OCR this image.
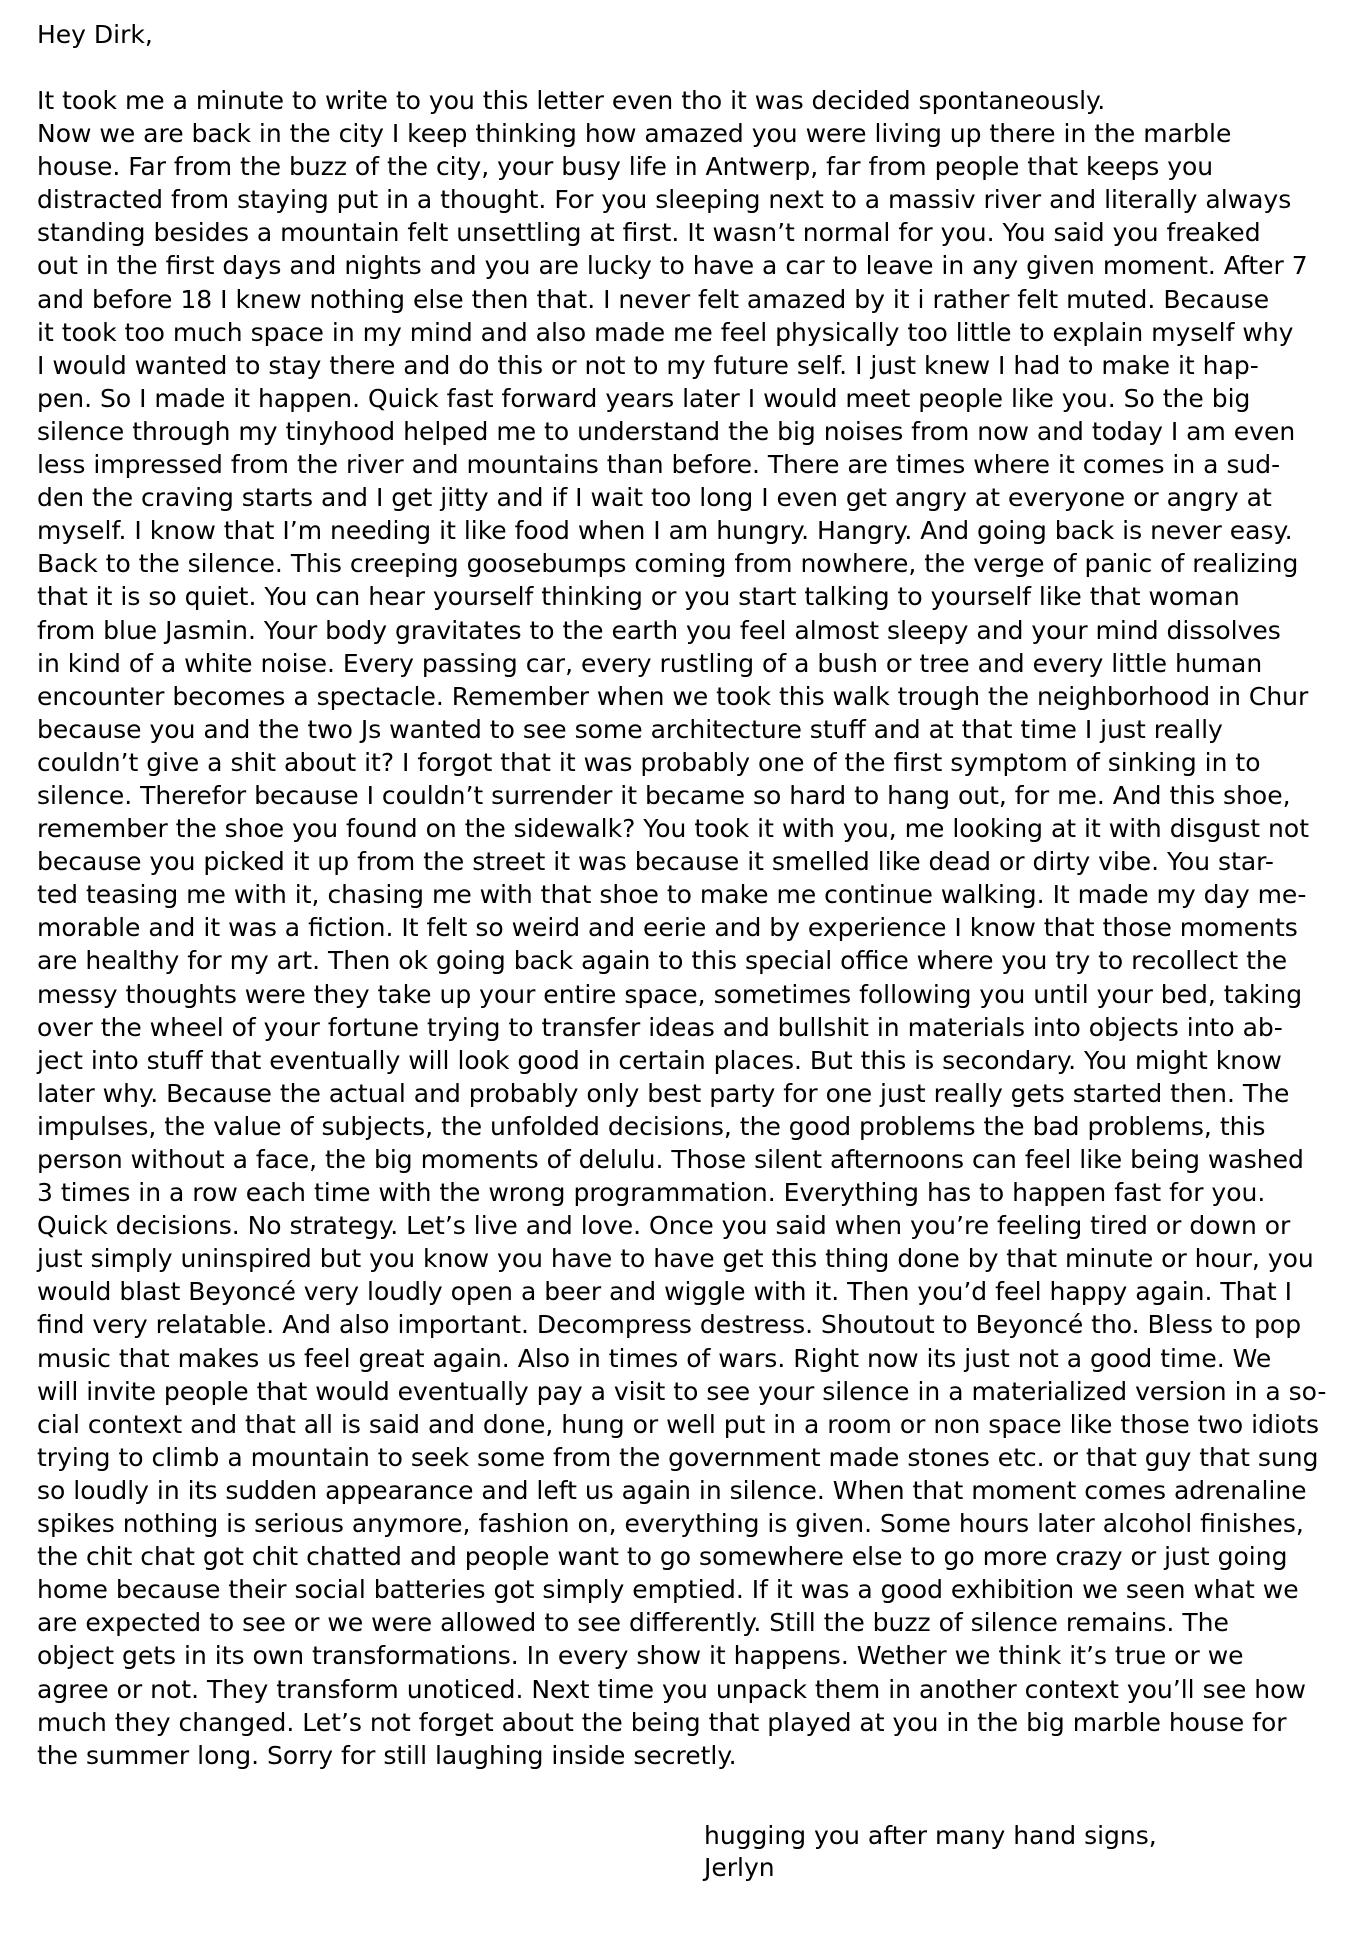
Hey Dirk,
It took me a minute to write to you this letter even tho it was decided spontaneously.
Now we are back in the city I keep thinking how amazed you were living up there in the marble
house. Far from the buzz of the city, your busy life in Antwerp, far from people that keeps you
distracted from staying put in a thought. For you sleeping next to a massiv river and literally always
standing besides a mountain felt unsettling at first. It wasn’t normal for you. You said you freaked
out in the first days and nights and you are lucky to have a car to leave in any given moment. After 7
and before 18 I knew nothing else then that. I never felt amazed by it i rather felt muted. Because
it took too much space in my mind and also made me feel physically too little to explain myself why
I would wanted to stay there and do this or not to my future self. I just knew I had to make it hap-
pen. So I made it happen. Quick fast forward years later I would meet people like you. So the big
silence through my tinyhood helped me to understand the big noises from now and today I am even
less impressed from the river and mountains than before. There are times where it comes in a sud-
den the craving starts and I get jitty and if I wait too long I even get angry at everyone or angry at
myself. I know that I’m needing it like food when I am hungry. Hangry. And going back is never easy.
Back to the silence. This creeping goosebumps coming from nowhere, the verge of panic of realizing
that it is so quiet. You can hear yourself thinking or you start talking to yourself like that woman
from blue Jasmin. Your body gravitates to the earth you feel almost sleepy and your mind dissolves
in kind of a white noise. Every passing car, every rustling of a bush or tree and every little human
encounter becomes a spectacle. Remember when we took this walk trough the neighborhood in Chur
because you and the two Js wanted to see some architecture stuff and at that time I just really
couldn’t give a shit about it? I forgot that it was probably one of the first symptom of sinking in to
silence. Therefor because I couldn’t surrender it became so hard to hang out, for me. And this shoe,
remember the shoe you found on the sidewalk? You took it with you, me looking at it with disgust not
because you picked it up from the street it was because it smelled like dead or dirty vibe. You star-
ted teasing me with it, chasing me with that shoe to make me continue walking. It made my day me-
morable and it was a fiction. It felt so weird and eerie and by experience I know that those moments
are healthy for my art. Then ok going back again to this special office where you try to recollect the
messy thoughts were they take up your entire space, sometimes following you until your bed, taking
over the wheel of your fortune trying to transfer ideas and bullshit in materials into objects into ab-
ject into stuff that eventually will look good in certain places. But this is secondary. You might know
later why. Because the actual and probably only best party for one just really gets started then. The
impulses, the value of subjects, the unfolded decisions, the good problems the bad problems, this
person without a face, the big moments of delulu. Those silent afternoons can feel like being washed
3 times in a row each time with the wrong programmation. Everything has to happen fast for you.
Quick decisions. No strategy. Let’s live and love. Once you said when you’re feeling tired or down or
just simply uninspired but you know you have to have get this thing done by that minute or hour, you
would blast Beyoncé very loudly open a beer and wiggle with it. Then you’d feel happy again. That I
find very relatable. And also important. Decompress destress. Shoutout to Beyoncé tho. Bless to pop
music that makes us feel great again. Also in times of wars. Right now its just not a good time. We
will invite people that would eventually pay a visit to see your silence in a materialized version in a so-
cial context and that all is said and done, hung or well put in a room or non space like those two idiots
trying to climb a mountain to seek some from the government made stones etc. or that guy that sung
so loudly in its sudden appearance and left us again in silence. When that moment comes adrenaline
spikes nothing is serious anymore, fashion on, everything is given. Some hours later alcohol finishes,
the chit chat got chit chatted and people want to go somewhere else to go more crazy or just going
home because their social batteries got simply emptied. If it was a good exhibition we seen what we
are expected to see or we were allowed to see differently. Still the buzz of silence remains. The
object gets in its own transformations. In every show it happens. Wether we think it’s true or we
agree or not. They transform unoticed. Next time you unpack them in another context you’ll see how
much they changed. Let’s not forget about the being that played at you in the big marble house for
the summer long. Sorry for still laughing inside secretly.
hugging you after many hand signs,
Jerlyn
